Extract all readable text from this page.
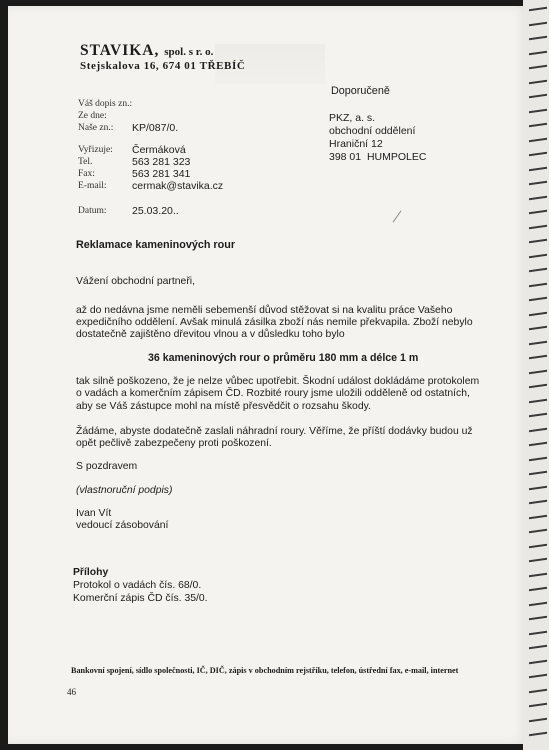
STAVIKA, spol. s r. o.
Stejskalova 16, 674 01 TŘEBÍČ
Doporučeně
Váš dopis zn.:
Ze dne:
Naše zn.: KP/087/0.
Vyřizuje: Čermáková
Tel.	563 281 323
Fax:	563 281 341
E-mail: cermak@stavika.cz
Datum: 25.03.20..
PKZ, a. s.
obchodní oddělení
Hraniční 12
398 01 HUMPOLEC
Reklamace kameninových rour
Vážení obchodní partneři,
až do nedávna jsme neměli sebemenší důvod stěžovat si na kvalitu práce Vašeho
expedičního oddělení. Avšak minulá zásilka zboží nás nemile překvapila. Zboží nebylo
dostatečně zajištěno dřevitou vlnou a v důsledku toho bylo
36 kameninových rour o průměru 180 mm a délce 1 m
tak silně poškozeno, že je nelze vůbec upotřebit. Škodní událost dokládáme protokolem
o vadách a komerčním zápisem ČD. Rozbité roury jsme uložili odděleně od ostatních,
aby se Váš zástupce mohl na místě přesvědčit o rozsahu škody.
Žádáme, abyste dodatečně zaslali náhradní roury. Věříme, že příští dodávky budou už
opět pečlivě zabezpečeny proti poškození.
S pozdravem
(vlastnoruční podpis)
Ivan Vít
vedoucí zásobování
Přílohy
Protokol o vadách čís. 68/0.
Komerční zápis ČD čís. 35/0.
Bankovní spojení, sídlo společnosti, IČ, DIČ, zápis v obchodním rejstříku, telefon, ústřední fax, e-mail, internet
46
